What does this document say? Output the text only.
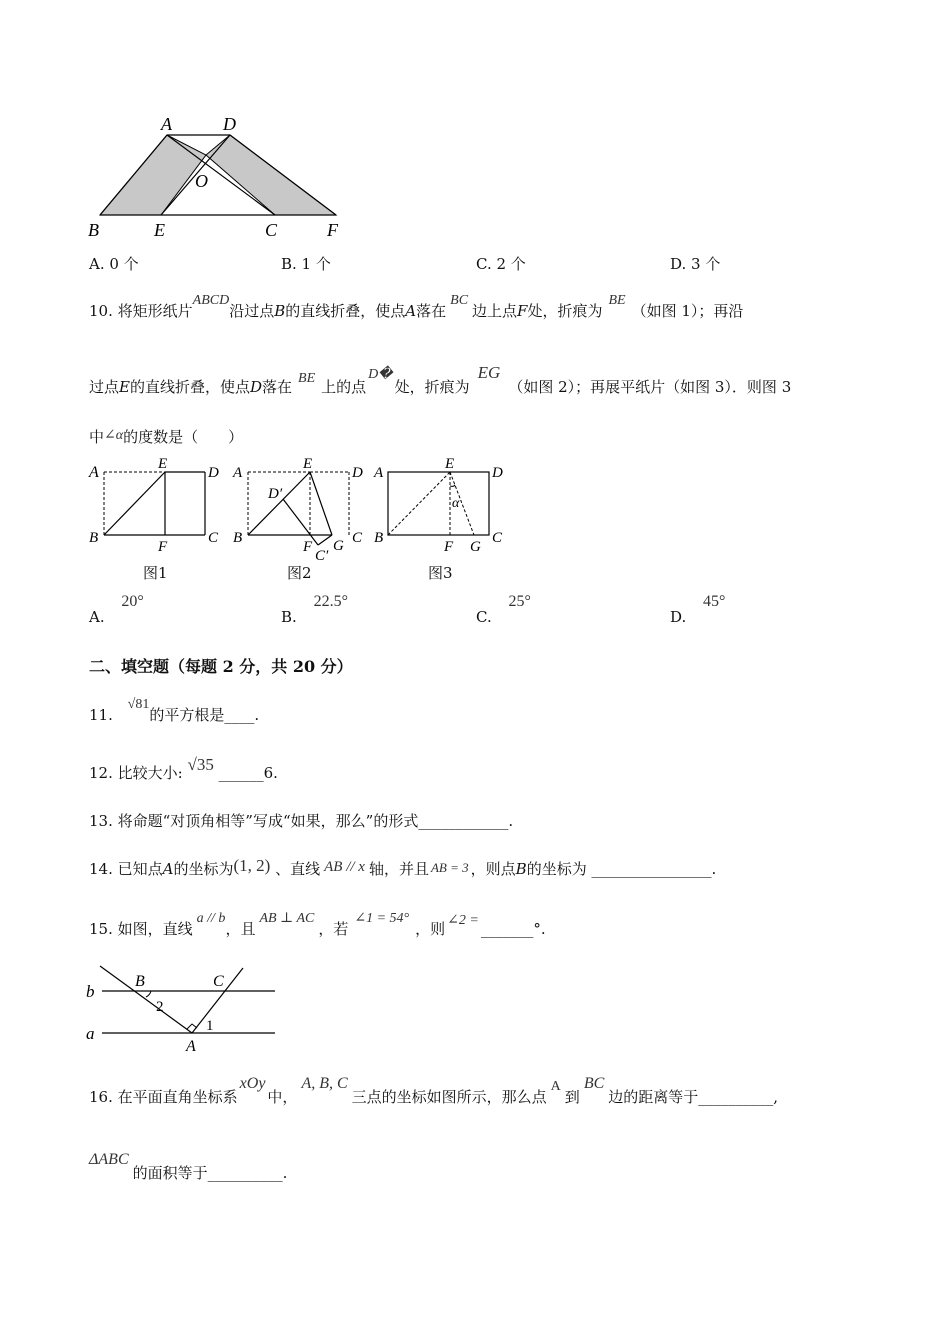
A	D
O
B	E	C	F
A. 0 个	B. 1 个	C. 2 个	D. 3 个
10. 将矩形纸片ABCD沿过点B的直线折叠，使点A落在BC边上点F处，折痕为BE（如图 1）；再沿
过点E的直线折叠，使点D落在 BE 上的点D�处，折痕为EG（如图 2）；再展平纸片（如图 3）．则图 3
中∠α的度数是（　　）
A	E
D
B
F
C
A
E
D
D′
B
F G
C′
C
A
E
D
α
B
F G
C
图1	图2	图3
A. 20°
B. 22.5°
C. 25°
D. 45°
二、填空题（每题 2 分，共 20 分）
11. √81的平方根是____.
12. 比较大小: √35 ______6.
13. 将命题“对顶角相等”写成“如果，那么”的形式____________.
14. 已知点A的坐标为(1, 2) 、直线 AB // x 轴，并且 AB = 3 ，则点B的坐标为 ________________.
15. 如图，直线a // b，且AB ⊥ AC，若∠1 = 54°，则 ∠2 = _______°.
b
a
B	C
2
1
A
16. 在平面直角坐标系xOy中，A, B, C三点的坐标如图所示，那么点A到BC边的距离等于__________,
ΔABC的面积等于__________.
